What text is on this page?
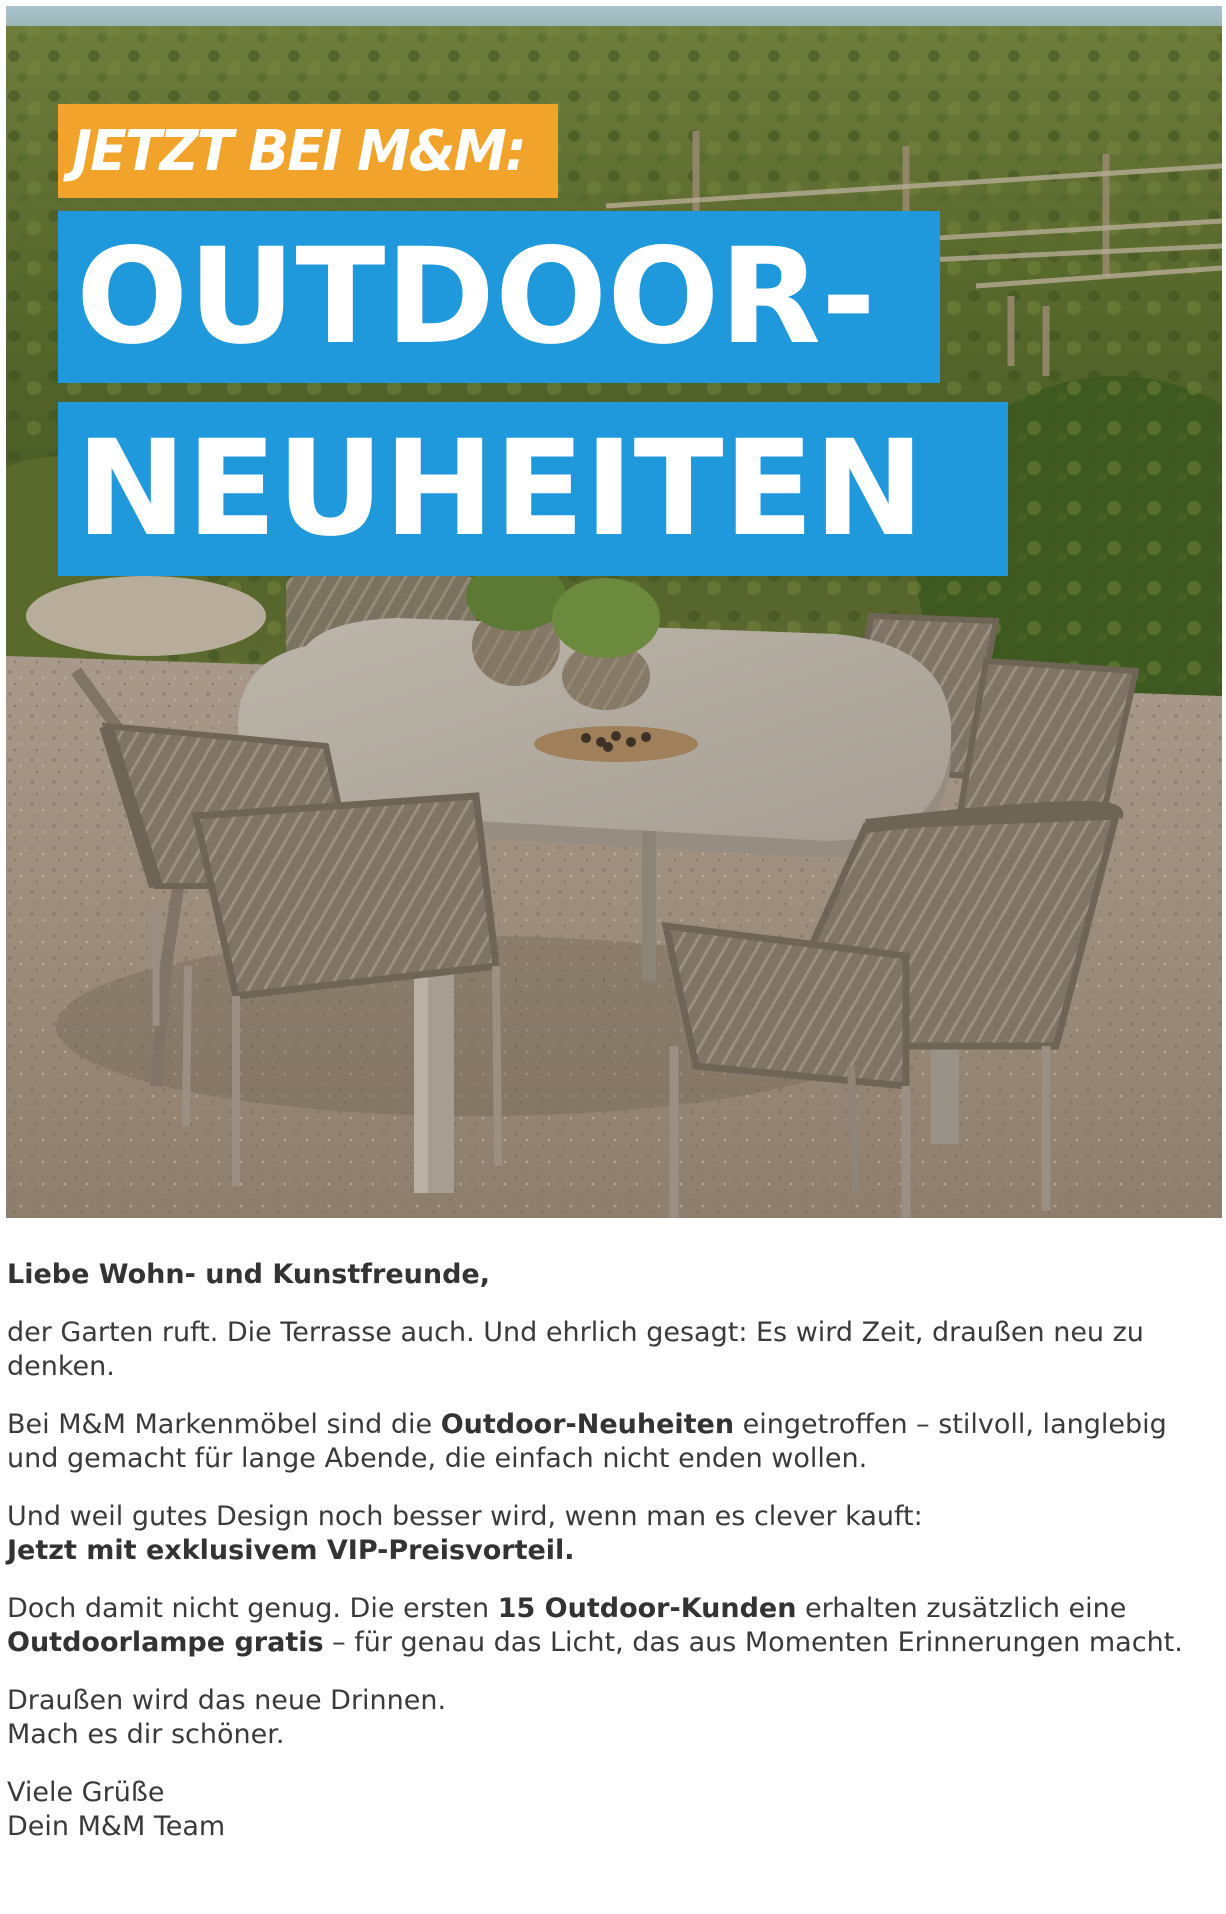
JETZT BEI M&M:
OUTDOOR-
NEUHEITEN

Liebe Wohn- und Kunstfreunde,

der Garten ruft. Die Terrasse auch. Und ehrlich gesagt: Es wird Zeit, draußen neu zu denken.

Bei M&M Markenmöbel sind die Outdoor-Neuheiten eingetroffen – stilvoll, langlebig und gemacht für lange Abende, die einfach nicht enden wollen.

Und weil gutes Design noch besser wird, wenn man es clever kauft:
Jetzt mit exklusivem VIP-Preisvorteil.

Doch damit nicht genug. Die ersten 15 Outdoor-Kunden erhalten zusätzlich eine Outdoorlampe gratis – für genau das Licht, das aus Momenten Erinnerungen macht.

Draußen wird das neue Drinnen.
Mach es dir schöner.

Viele Grüße
Dein M&M Team
